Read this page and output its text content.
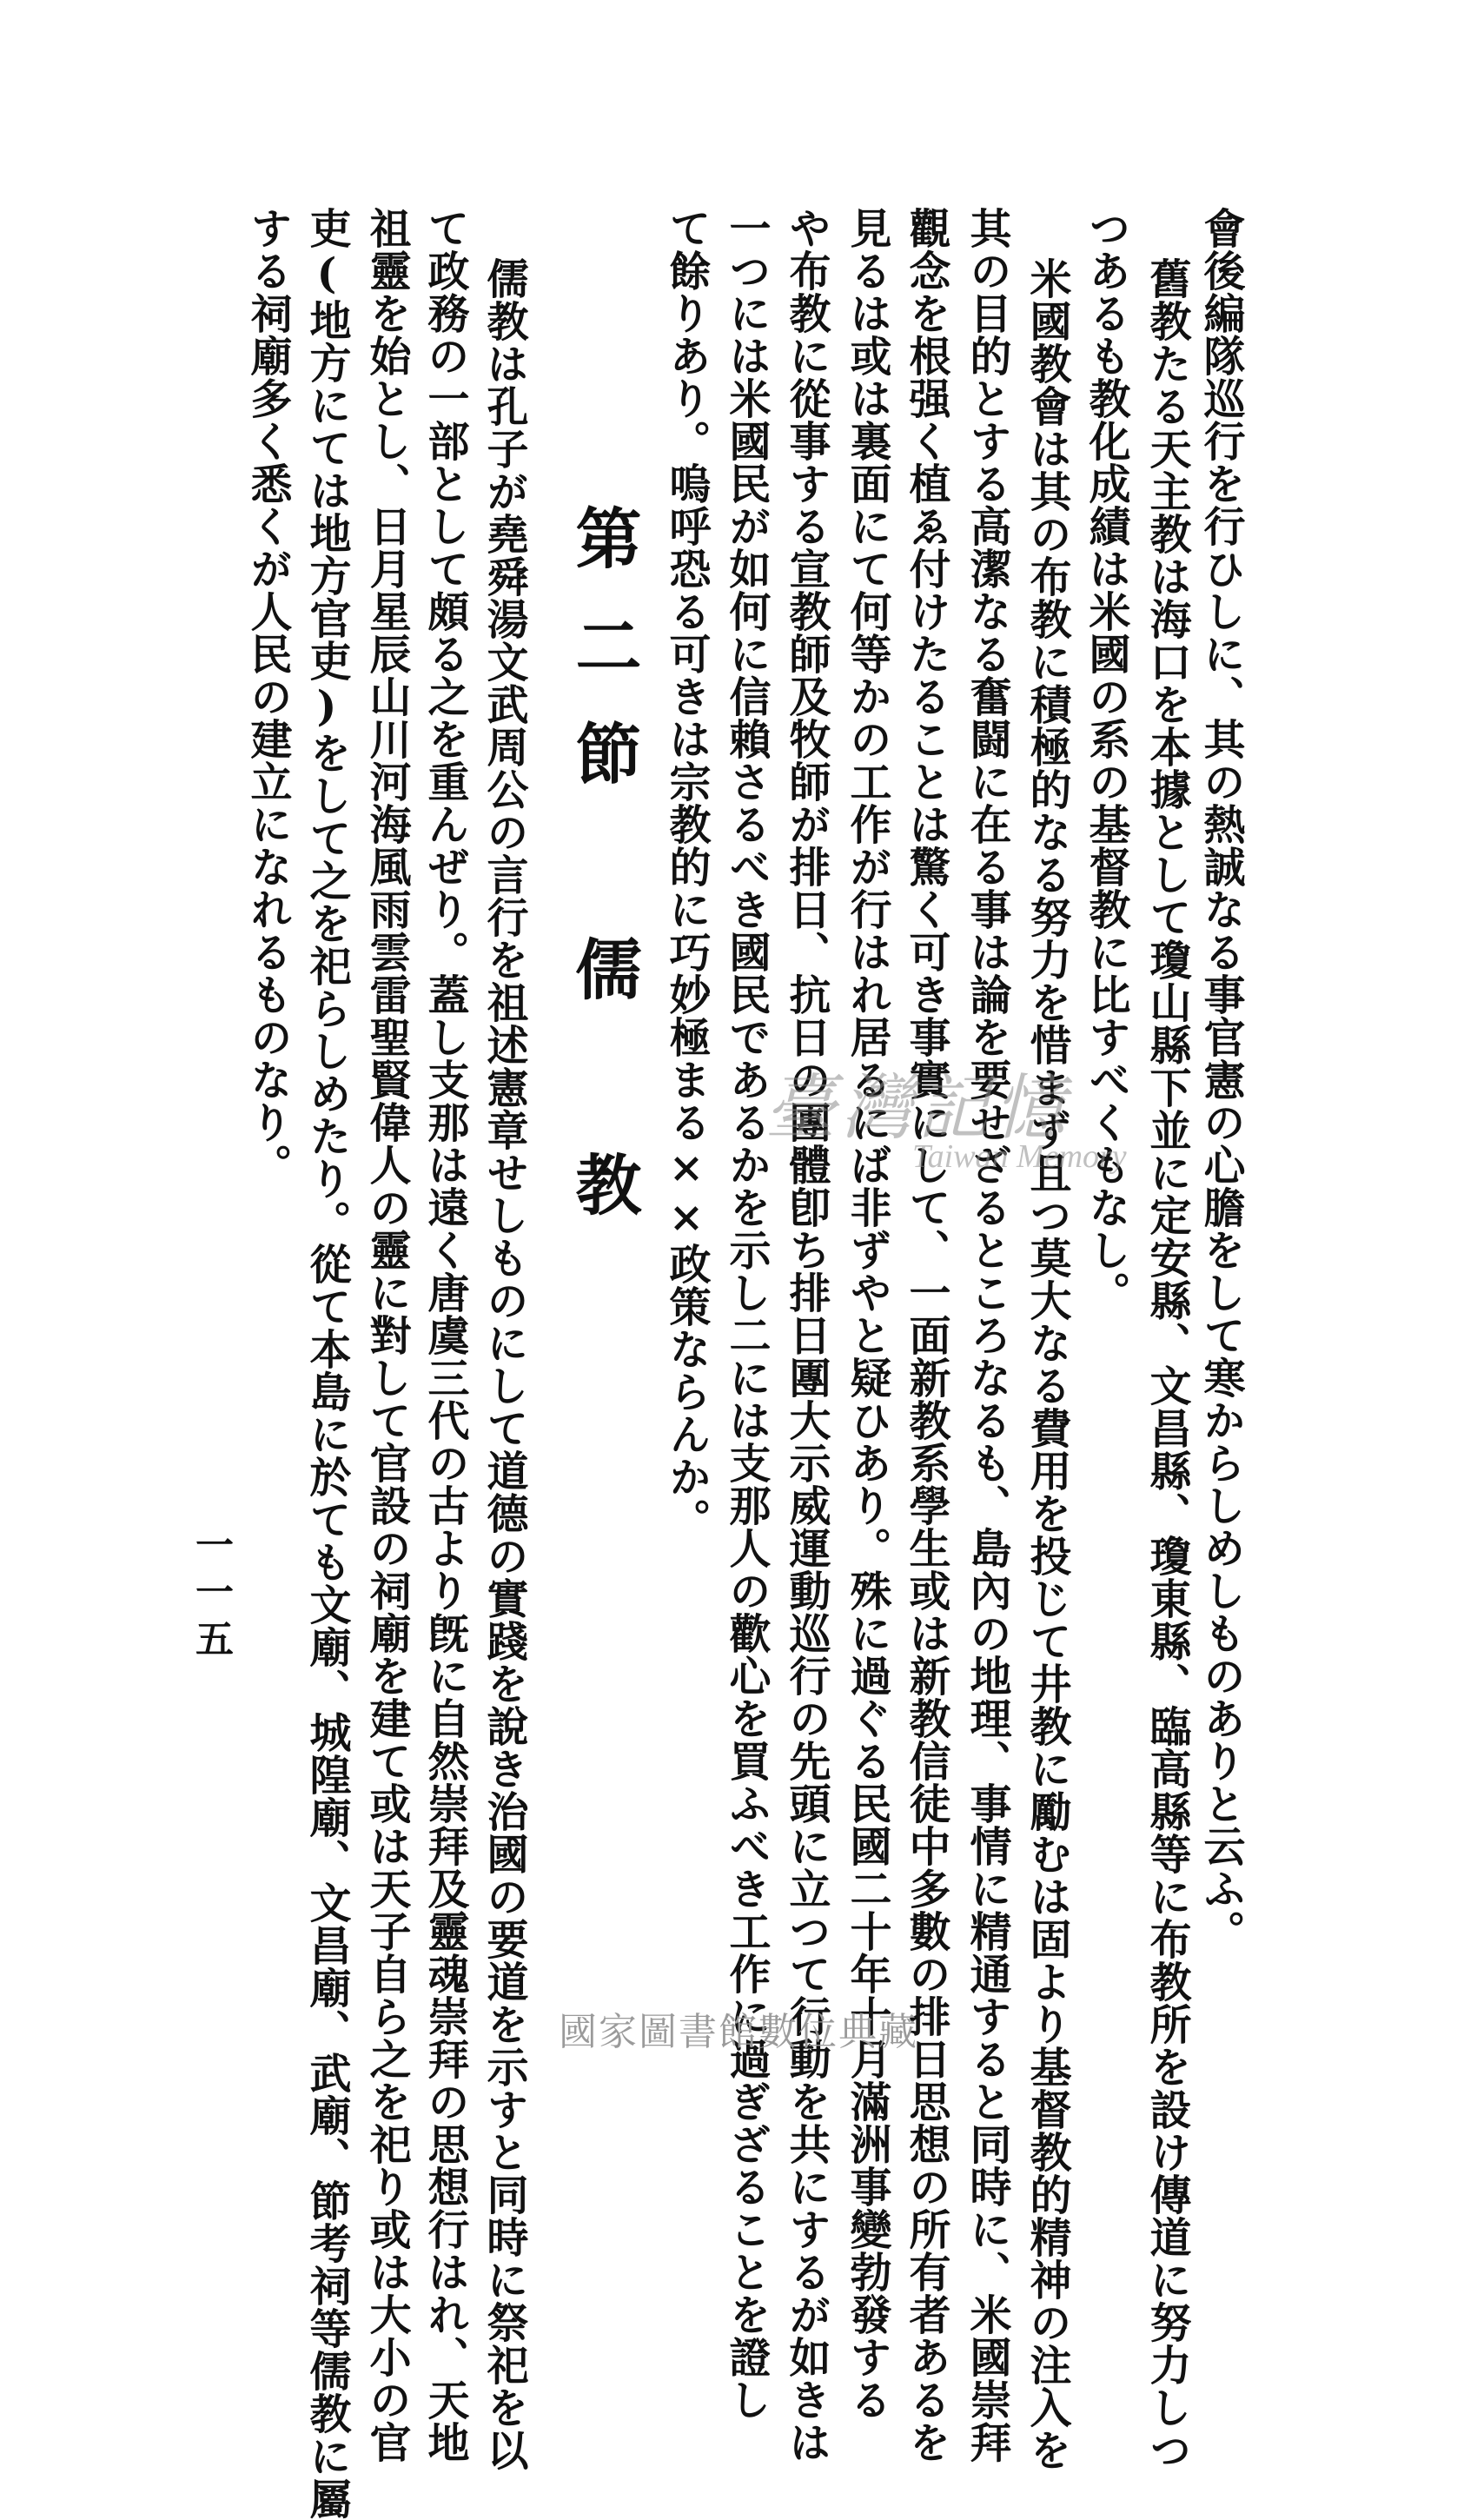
會後編隊巡行を行ひしに、其の熱誠なる事官憲の心膽をして寒からしめしものありと云ふ。
舊教たる天主教は海口を本據として瓊山縣下並に定安縣、文昌縣、瓊東縣、臨高縣等に布教所を設け傳道に努力しつ
つあるも教化成績は米國の系の基督教に比すべくもなし。
米國教會は其の布教に積極的なる努力を惜まず且つ莫大なる費用を投じて井教に勵むは固より基督教的精神の注入を
其の目的とする高潔なる奮闘に在る事は論を要せざるところなるも、島內の地理、事情に精通すると同時に、米國崇拜
觀念を根强く植ゑ付けたることは驚く可き事實にして、一面新教系學生或は新教信徒中多數の排日思想の所有者あるを
見るは或は裏面にて何等かの工作が行はれ居るにば非ずやと疑ひあり。殊に過ぐる民國二十年十月滿洲事變勃發する
や布教に從事する宣教師及牧師が排日、抗日の團體卽ち排日團大示威運動巡行の先頭に立つて行動を共にするが如きは
一つには米國民が如何に信賴さるべき國民であるかを示し二には支那人の歡心を買ふべき工作に過ぎざることを證し
て餘りあり。嗚呼恐る可きは宗教的に巧妙極まる××政策ならんか。
第二節　儒　教
儒教は孔子が堯舜湯文武周公の言行を祖述憲章せしものにして道德の實踐を說き治國の要道を示すと同時に祭祀を以
て政務の一部として頗る之を重んぜり。蓋し支那は遠く唐虞三代の古より旣に自然崇拜及靈魂崇拜の思想行はれ、天地
祖靈を始とし、日月星辰山川河海風雨雲雷聖賢偉人の靈に對して官設の祠廟を建て或は天子自ら之を祀り或は大小の官
吏(地方にては地方官吏)をして之を祀らしめたり。從て本島に於ても文廟、城隍廟、文昌廟、武廟、節考祠等儒教に屬
する祠廟多く悉くが人民の建立になれるものなり。
一一五
臺灣記憶
Taiwan Memory
國家圖書館數位典藏
